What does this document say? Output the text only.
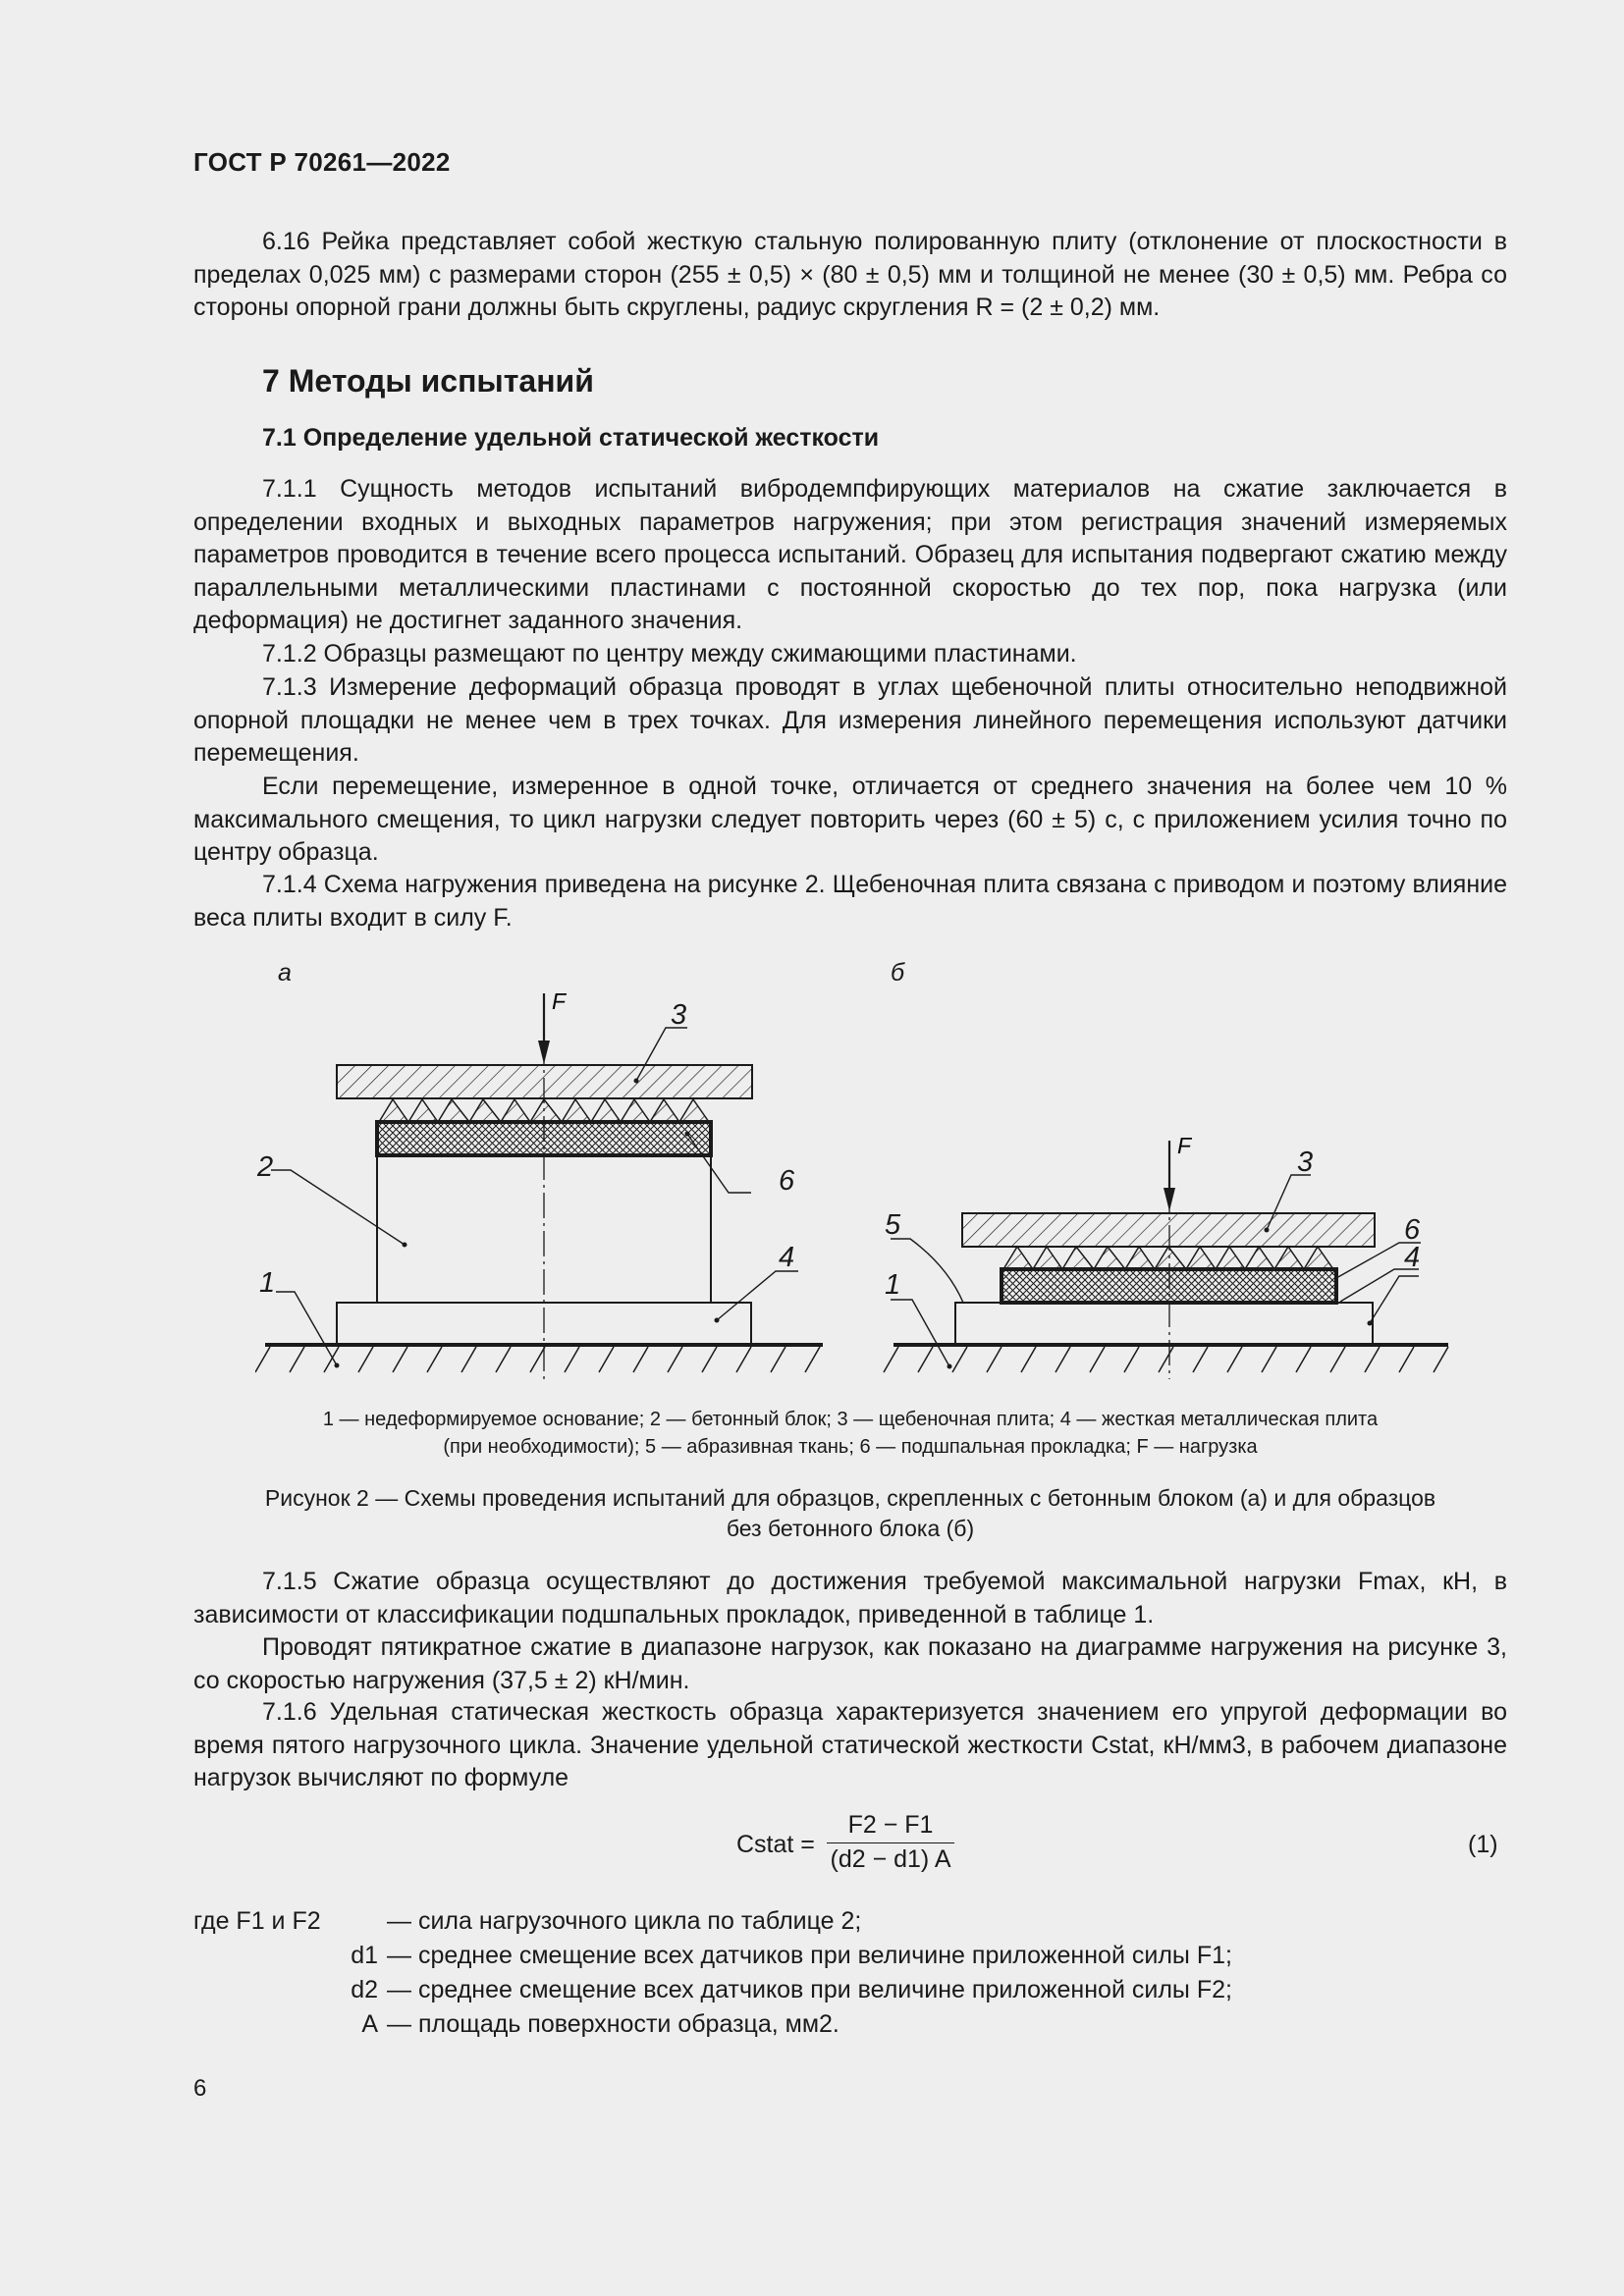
ГОСТ Р 70261—2022

6.16 Рейка представляет собой жесткую стальную полированную плиту (отклонение от плоскостности в пределах 0,025 мм) с размерами сторон (255 ± 0,5) × (80 ± 0,5) мм и толщиной не менее (30 ± 0,5) мм. Ребра со стороны опорной грани должны быть скруглены, радиус скругления R = (2 ± 0,2) мм.

7 Методы испытаний
7.1 Определение удельной статической жесткости

7.1.1 Сущность методов испытаний вибродемпфирующих материалов на сжатие заключается в определении входных и выходных параметров нагружения; при этом регистрация значений измеряемых параметров проводится в течение всего процесса испытаний. Образец для испытания подвергают сжатию между параллельными металлическими пластинами с постоянной скоростью до тех пор, пока нагрузка (или деформация) не достигнет заданного значения.

7.1.2 Образцы размещают по центру между сжимающими пластинами.

7.1.3 Измерение деформаций образца проводят в углах щебеночной плиты относительно неподвижной опорной площадки не менее чем в трех точках. Для измерения линейного перемещения используют датчики перемещения.

Если перемещение, измеренное в одной точке, отличается от среднего значения на более чем 10 % максимального смещения, то цикл нагрузки следует повторить через (60 ± 5) с, с приложением усилия точно по центру образца.

7.1.4 Схема нагружения приведена на рисунке 2. Щебеночная плита связана с приводом и поэтому влияние веса плиты входит в силу F.

а	б
F
2
1
3
6
4
F
5
1
3
6
4
1 — недеформируемое основание; 2 — бетонный блок; 3 — щебеночная плита; 4 — жесткая металлическая плита
(при необходимости); 5 — абразивная ткань; 6 — подшпальная прокладка; F — нагрузка
Рисунок 2 — Схемы проведения испытаний для образцов, скрепленных с бетонным блоком (а) и для образцов
без бетонного блока (б)

7.1.5 Сжатие образца осуществляют до достижения требуемой максимальной нагрузки Fmax, кН, в зависимости от классификации подшпальных прокладок, приведенной в таблице 1.

Проводят пятикратное сжатие в диапазоне нагрузок, как показано на диаграмме нагружения на рисунке 3, со скоростью нагружения (37,5 ± 2) кН/мин.

7.1.6 Удельная статическая жесткость образца характеризуется значением его упругой деформации во время пятого нагрузочного цикла. Значение удельной статической жесткости Cstat, кН/мм3, в рабочем диапазоне нагрузок вычисляют по формуле

Cstat = $\frac{F2 - F1}{(d2 - d1) A}$	(1)
где F1 и F2	— сила нагрузочного цикла по таблице 2;
d1 — среднее смещение всех датчиков при величине приложенной силы F1;
d2 — среднее смещение всех датчиков при величине приложенной силы F2;
A — площадь поверхности образца, мм2.
6
